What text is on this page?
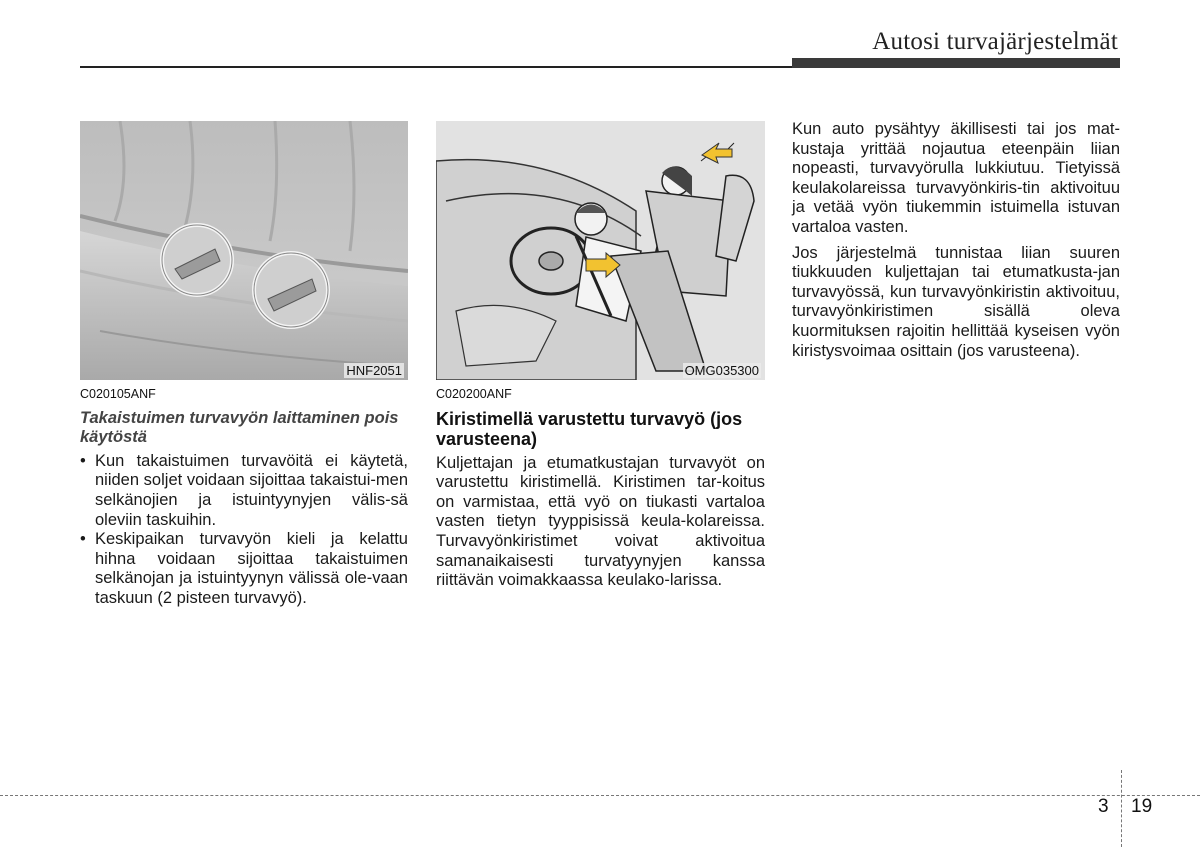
Autosi turvajärjestelmät
HNF2051	OMG035300
C020105ANF
Takaistuimen turvavyön laittaminen pois käytöstä
• Kun takaistuimen turvavöitä ei käytetä, niiden soljet voidaan sijoittaa takaistui-men selkänojien ja istuintyynyjen välis-sä oleviin taskuihin.
• Keskipaikan turvavyön kieli ja kelattu hihna voidaan sijoittaa takaistuimen selkänojan ja istuintyynyn välissä ole-vaan taskuun (2 pisteen turvavyö).
C020200ANF
Kiristimellä varustettu turvavyö (jos varusteena)

Kuljettajan ja etumatkustajan turvavyöt on varustettu kiristimellä. Kiristimen tar-koitus on varmistaa, että vyö on tiukasti vartaloa vasten tietyn tyyppisissä keula-kolareissa. Turvavyönkiristimet voivat aktivoitua samanaikaisesti turvatyynyjen kanssa riittävän voimakkaassa keulako-larissa.

Kun auto pysähtyy äkillisesti tai jos mat-kustaja yrittää nojautua eteenpäin liian nopeasti, turvavyörulla lukkiutuu. Tietyissä keulakolareissa turvavyönkiris-tin aktivoituu ja vetää vyön tiukemmin istuimella istuvan vartaloa vasten.

Jos järjestelmä tunnistaa liian suuren tiukkuuden kuljettajan tai etumatkusta-jan turvavyössä, kun turvavyönkiristin aktivoituu, turvavyönkiristimen sisällä oleva kuormituksen rajoitin hellittää kyseisen vyön kiristysvoimaa osittain (jos varusteena).

3 19
